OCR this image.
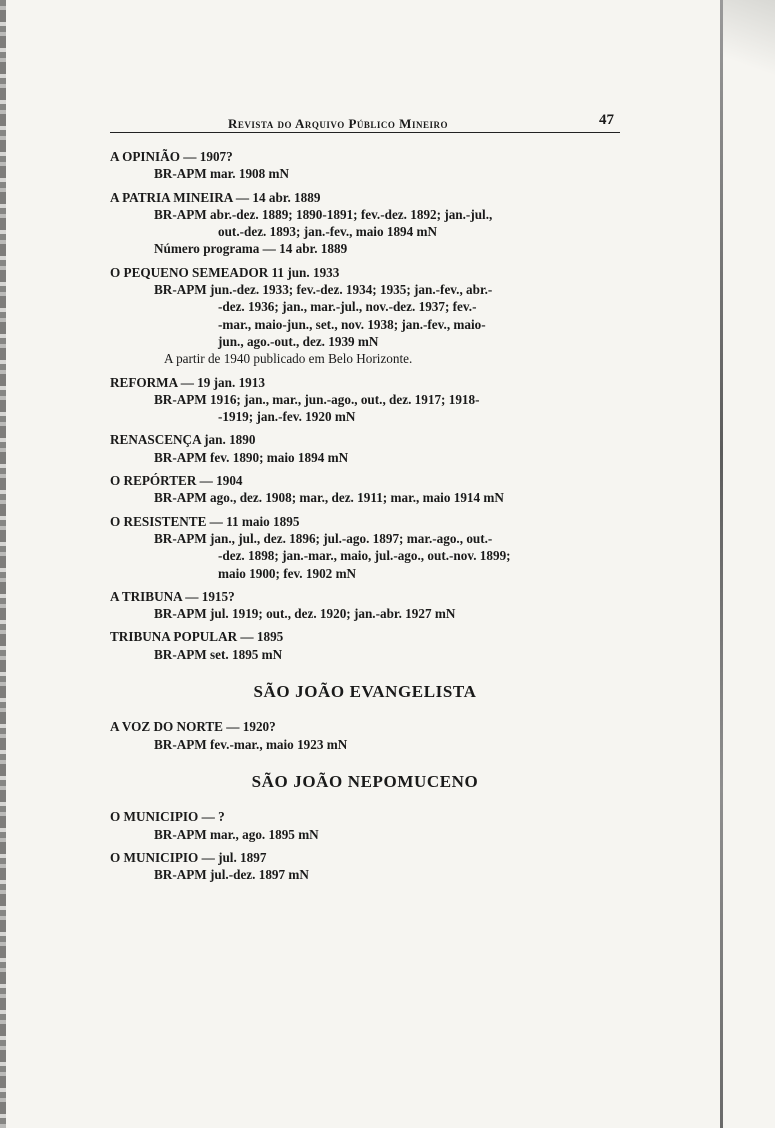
Revista do Arquivo Público Mineiro	47
A OPINIÃO — 1907?
BR-APM mar. 1908 mN
A PATRIA MINEIRA — 14 abr. 1889
BR-APM abr.-dez. 1889; 1890-1891; fev.-dez. 1892; jan.-jul.,
out.-dez. 1893; jan.-fev., maio 1894 mN
Número programa — 14 abr. 1889
O PEQUENO SEMEADOR 11 jun. 1933
BR-APM jun.-dez. 1933; fev.-dez. 1934; 1935; jan.-fev., abr.-
-dez. 1936; jan., mar.-jul., nov.-dez. 1937; fev.-
-mar., maio-jun., set., nov. 1938; jan.-fev., maio-
jun., ago.-out., dez. 1939 mN
A partir de 1940 publicado em Belo Horizonte.
REFORMA — 19 jan. 1913
BR-APM 1916; jan., mar., jun.-ago., out., dez. 1917; 1918-
-1919; jan.-fev. 1920 mN
RENASCENÇA jan. 1890
BR-APM fev. 1890; maio 1894 mN
O REPÓRTER — 1904
BR-APM ago., dez. 1908; mar., dez. 1911; mar., maio 1914 mN
O RESISTENTE — 11 maio 1895
BR-APM jan., jul., dez. 1896; jul.-ago. 1897; mar.-ago., out.-
-dez. 1898; jan.-mar., maio, jul.-ago., out.-nov. 1899;
maio 1900; fev. 1902 mN
A TRIBUNA — 1915?
BR-APM jul. 1919; out., dez. 1920; jan.-abr. 1927 mN
TRIBUNA POPULAR — 1895
BR-APM set. 1895 mN
SÃO JOÃO EVANGELISTA
A VOZ DO NORTE — 1920?
BR-APM fev.-mar., maio 1923 mN
SÃO JOÃO NEPOMUCENO
O MUNICIPIO — ?
BR-APM mar., ago. 1895 mN
O MUNICIPIO — jul. 1897
BR-APM jul.-dez. 1897 mN
